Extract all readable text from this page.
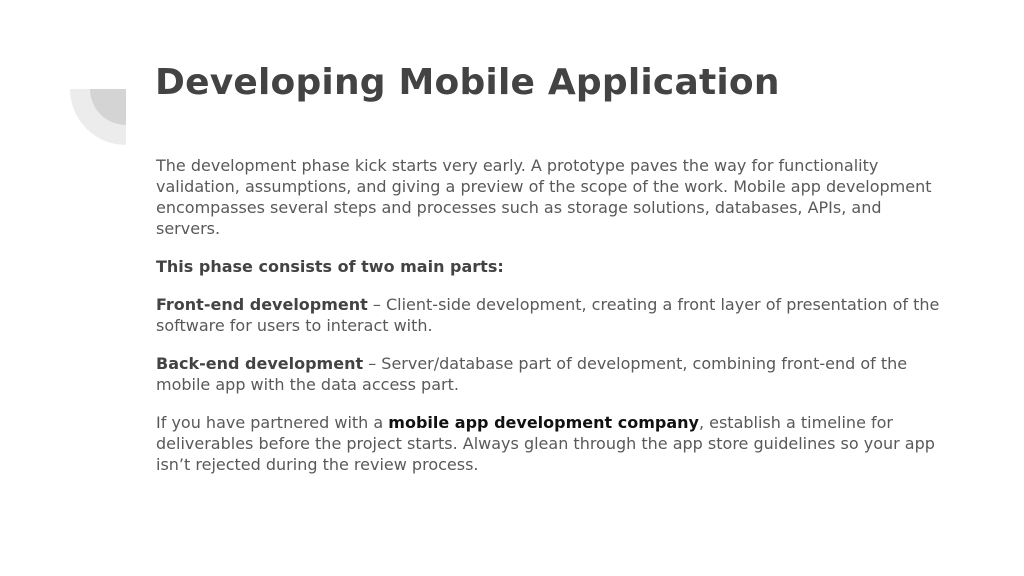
Developing Mobile Application

The development phase kick starts very early. A prototype paves the way for functionality validation, assumptions, and giving a preview of the scope of the work. Mobile app development encompasses several steps and processes such as storage solutions, databases, APIs, and servers.

This phase consists of two main parts:

Front-end development – Client-side development, creating a front layer of presentation of the software for users to interact with.

Back-end development – Server/database part of development, combining front-end of the mobile app with the data access part.

If you have partnered with a mobile app development company, establish a timeline for deliverables before the project starts. Always glean through the app store guidelines so your app isn’t rejected during the review process.
